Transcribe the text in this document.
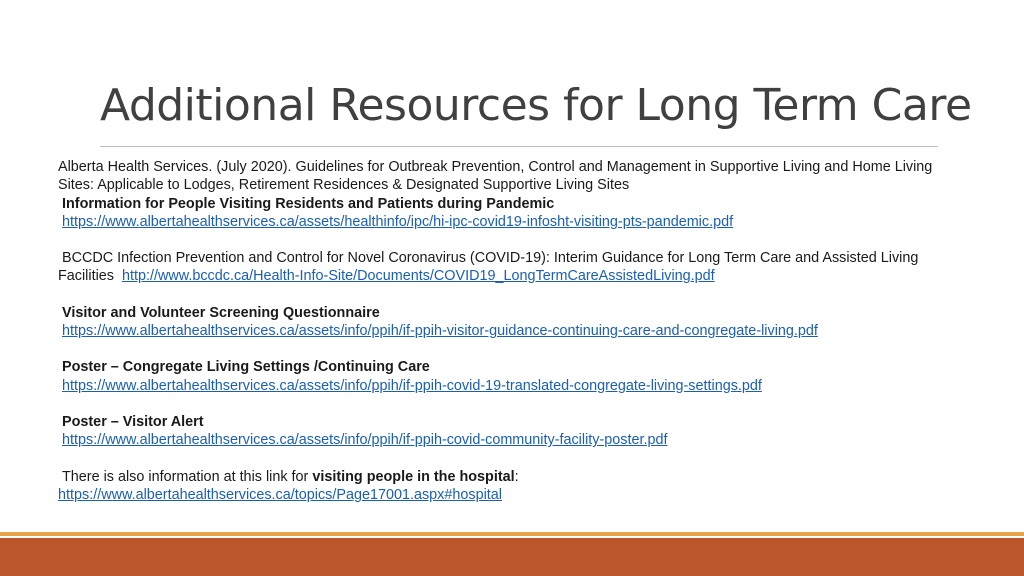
Additional Resources for Long Term Care

Alberta Health Services. (July 2020). Guidelines for Outbreak Prevention, Control and Management in Supportive Living and Home Living
Sites: Applicable to Lodges, Retirement Residences & Designated Supportive Living Sites

Information for People Visiting Residents and Patients during Pandemic
https://www.albertahealthservices.ca/assets/healthinfo/ipc/hi-ipc-covid19-infosht-visiting-pts-pandemic.pdf

BCCDC Infection Prevention and Control for Novel Coronavirus (COVID-19): Interim Guidance for Long Term Care and Assisted Living
Facilities http://www.bccdc.ca/Health-Info-Site/Documents/COVID19_LongTermCareAssistedLiving.pdf

Visitor and Volunteer Screening Questionnaire
https://www.albertahealthservices.ca/assets/info/ppih/if-ppih-visitor-guidance-continuing-care-and-congregate-living.pdf

Poster – Congregate Living Settings /Continuing Care
https://www.albertahealthservices.ca/assets/info/ppih/if-ppih-covid-19-translated-congregate-living-settings.pdf

Poster – Visitor Alert
https://www.albertahealthservices.ca/assets/info/ppih/if-ppih-covid-community-facility-poster.pdf

There is also information at this link for visiting people in the hospital:
https://www.albertahealthservices.ca/topics/Page17001.aspx#hospital
